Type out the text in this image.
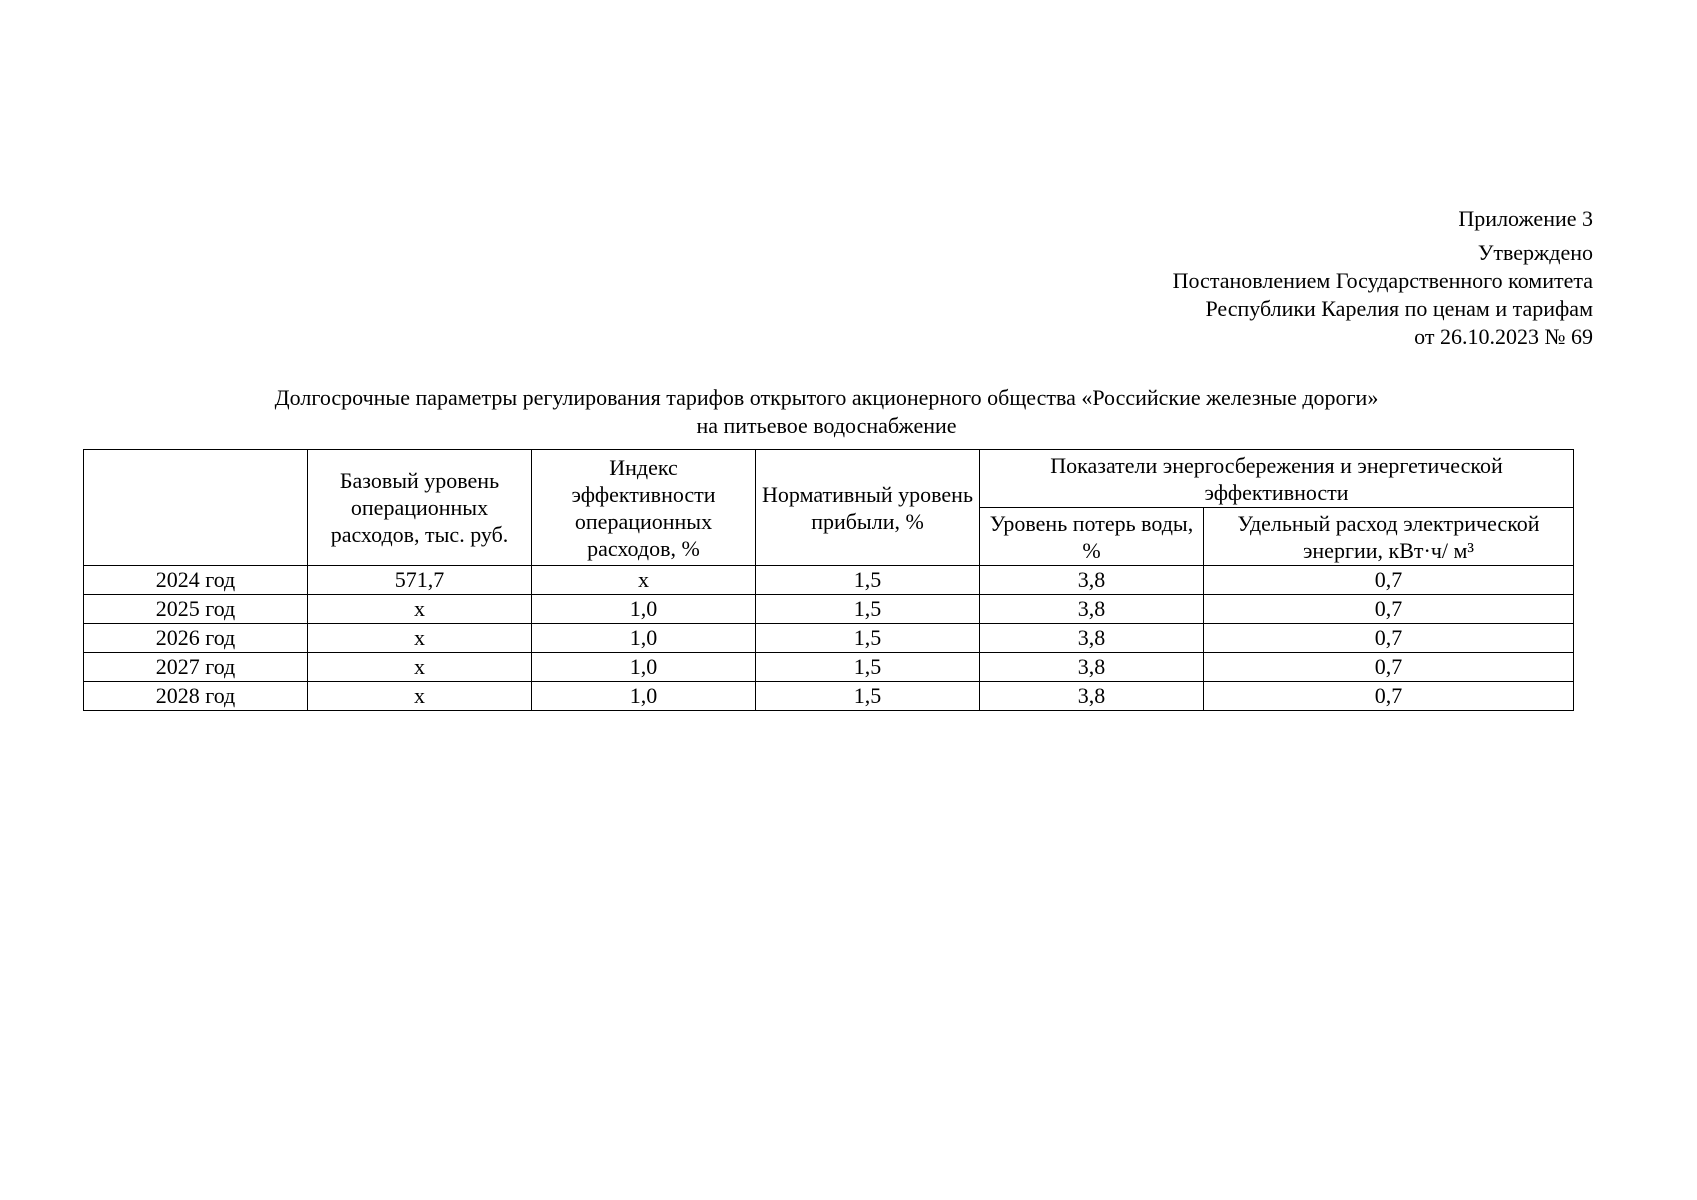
Приложение 3
Утверждено
Постановлением Государственного комитета
Республики Карелия по ценам и тарифам
от 26.10.2023 № 69
Долгосрочные параметры регулирования тарифов открытого акционерного общества «Российские железные дороги»
на питьевое водоснабжение
	Базовый уровень операционных расходов, тыс. руб.	Индекс эффективности операционных расходов, %	Нормативный уровень прибыли, %	Показатели энергосбережения и энергетической эффективности	
				Уровень потерь воды, %	Удельный расход электрической энергии, кВт·ч/ м³
2024 год	571,7	х	1,5	3,8	0,7
2025 год	х	1,0	1,5	3,8	0,7
2026 год	х	1,0	1,5	3,8	0,7
2027 год	х	1,0	1,5	3,8	0,7
2028 год	х	1,0	1,5	3,8	0,7
